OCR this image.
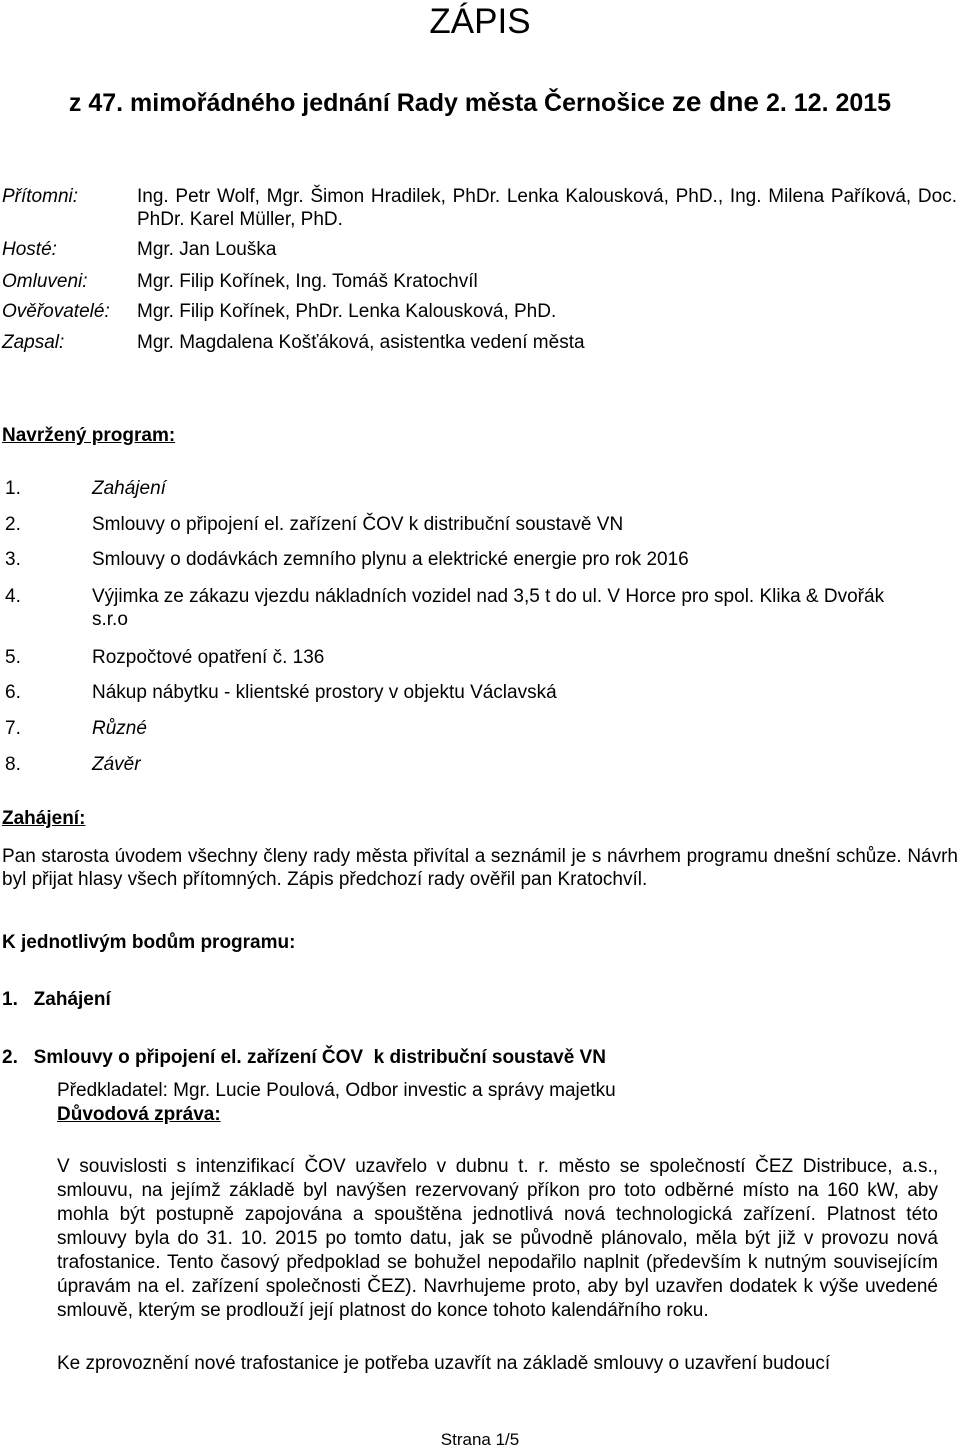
ZÁPIS
z 47. mimořádného jednání Rady města Černošice ze dne 2. 12. 2015
Přítomni:	Ing. Petr Wolf, Mgr. Šimon Hradilek, PhDr. Lenka Kalousková, PhD., Ing. Milena Paříková, Doc. PhDr. Karel Müller, PhD.
Hosté:	Mgr. Jan Louška
Omluveni:	Mgr. Filip Kořínek, Ing. Tomáš Kratochvíl
Ověřovatelé: Mgr. Filip Kořínek, PhDr. Lenka Kalousková, PhD.
Zapsal:	Mgr. Magdalena Košťáková, asistentka vedení města
Navržený program:
1.	Zahájení
2.	Smlouvy o připojení el. zařízení ČOV k distribuční soustavě VN
3.	Smlouvy o dodávkách zemního plynu a elektrické energie pro rok 2016
4.	Výjimka ze zákazu vjezdu nákladních vozidel nad 3,5 t do ul. V Horce pro spol. Klika & Dvořák s.r.o
5.	Rozpočtové opatření č. 136
6.	Nákup nábytku - klientské prostory v objektu Václavská
7.	Různé
8.	Závěr
Zahájení:
Pan starosta úvodem všechny členy rady města přivítal a seznámil je s návrhem programu dnešní schůze. Návrh byl přijat hlasy všech přítomných. Zápis předchozí rady ověřil pan Kratochvíl.
K jednotlivým bodům programu:
1.   Zahájení
2.   Smlouvy o připojení el. zařízení ČOV  k distribuční soustavě VN
Předkladatel: Mgr. Lucie Poulová, Odbor investic a správy majetku
Důvodová zpráva:
V souvislosti s intenzifikací ČOV uzavřelo v dubnu t. r. město se společností ČEZ Distribuce, a.s., smlouvu, na jejímž základě byl navýšen rezervovaný příkon pro toto odběrné místo na 160 kW, aby mohla být postupně zapojována a spouštěna jednotlivá nová technologická zařízení. Platnost této smlouvy byla do 31. 10. 2015 po tomto datu, jak se původně plánovalo, měla být již v provozu nová trafostanice. Tento časový předpoklad se bohužel nepodařilo naplnit (především k nutným souvisejícím úpravám na el. zařízení společnosti ČEZ). Navrhujeme proto, aby byl uzavřen dodatek k výše uvedené smlouvě, kterým se prodlouží její platnost do konce tohoto kalendářního roku.
Ke zprovoznění nové trafostanice je potřeba uzavřít na základě smlouvy o uzavření budoucí
Strana 1/5
